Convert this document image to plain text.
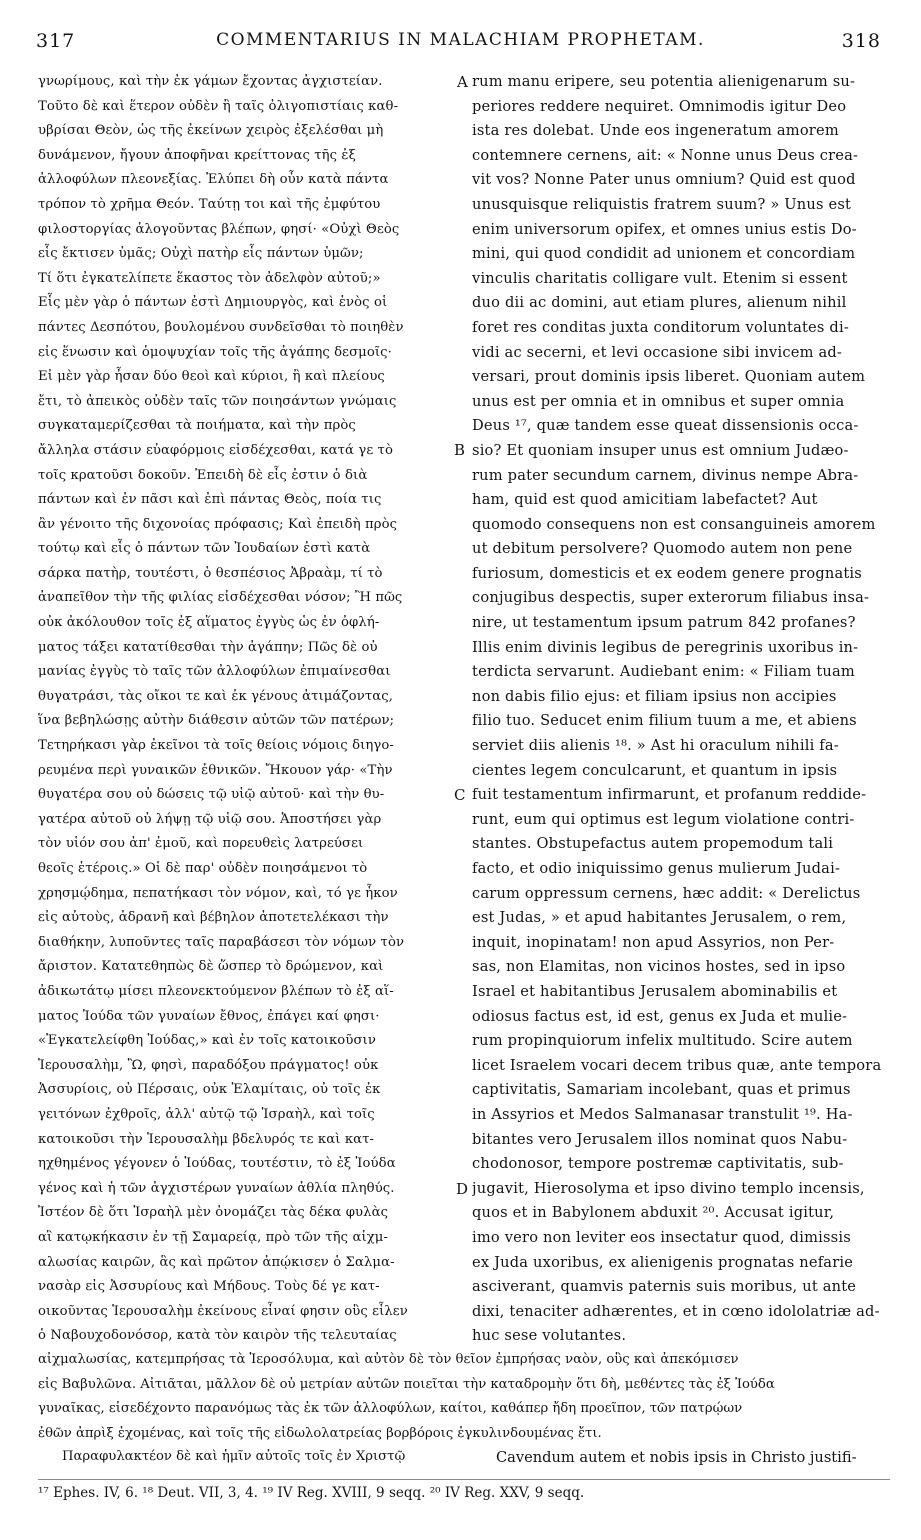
317	COMMENTARIUS IN MALACHIAM PROPHETAM.	318
γνωρίμους, καὶ τὴν ἐκ γάμων ἔχοντας ἀγχιστείαν.
Τοῦτο δὲ καὶ ἕτερον οὐδὲν ἢ ταῖς ὀλιγοπιστίαις καθ-
υβρίσαι Θεὸν, ὡς τῆς ἐκείνων χειρὸς ἐξελέσθαι μὴ
δυνάμενον, ἤγουν ἀποφῆναι κρείττονας τῆς ἐξ
ἀλλοφύλων πλεονεξίας. Ἐλύπει δὴ οὖν κατὰ πάντα
τρόπον τὸ χρῆμα Θεόν. Ταύτῃ τοι καὶ τῆς ἐμφύτου
φιλοστοργίας ἀλογοῦντας βλέπων, φησί· «Οὐχὶ Θεὸς
εἷς ἔκτισεν ὑμᾶς; Οὐχὶ πατὴρ εἷς πάντων ὑμῶν;
Τί ὅτι ἐγκατελίπετε ἕκαστος τὸν ἀδελφὸν αὐτοῦ;»
Εἷς μὲν γὰρ ὁ πάντων ἐστὶ Δημιουργὸς, καὶ ἑνὸς οἱ
πάντες Δεσπότου, βουλομένου συνδεῖσθαι τὸ ποιηθὲν
εἰς ἕνωσιν καὶ ὁμοψυχίαν τοῖς τῆς ἀγάπης δεσμοῖς·
Εἰ μὲν γὰρ ἦσαν δύο θεοὶ καὶ κύριοι, ἢ καὶ πλείους
ἔτι, τὸ ἀπεικὸς οὐδὲν ταῖς τῶν ποιησάντων γνώμαις
συγκαταμερίζεσθαι τὰ ποιήματα, καὶ τὴν πρὸς
ἄλληλα στάσιν εὐαφόρμοις εἰσδέχεσθαι, κατά γε τὸ
τοῖς κρατοῦσι δοκοῦν. Ἐπειδὴ δὲ εἷς ἐστιν ὁ διὰ
πάντων καὶ ἐν πᾶσι καὶ ἐπὶ πάντας Θεὸς, ποία τις
ἂν γένοιτο τῆς διχονοίας πρόφασις; Καὶ ἐπειδὴ πρὸς
τούτῳ καὶ εἷς ὁ πάντων τῶν Ἰουδαίων ἐστὶ κατὰ
σάρκα πατὴρ, τουτέστι, ὁ θεσπέσιος Ἀβραὰμ, τί τὸ
ἀναπεῖθον τὴν τῆς φιλίας εἰσδέχεσθαι νόσον; Ἢ πῶς
οὐκ ἀκόλουθον τοῖς ἐξ αἵματος ἐγγὺς ὡς ἐν ὀφλή-
ματος τάξει κατατίθεσθαι τὴν ἀγάπην; Πῶς δὲ οὐ
μανίας ἐγγὺς τὸ ταῖς τῶν ἀλλοφύλων ἐπιμαίνεσθαι
θυγατράσι, τὰς οἴκοι τε καὶ ἐκ γένους ἀτιμάζοντας,
ἵνα βεβηλώσῃς αὐτὴν διάθεσιν αὐτῶν τῶν πατέρων;
Τετηρήκασι γὰρ ἐκεῖνοι τὰ τοῖς θείοις νόμοις διηγο-
ρευμένα περὶ γυναικῶν ἐθνικῶν. Ἤκουον γάρ· «Τὴν
θυγατέρα σου οὐ δώσεις τῷ υἱῷ αὐτοῦ· καὶ τὴν θυ-
γατέρα αὐτοῦ οὐ λήψῃ τῷ υἱῷ σου. Ἀποστήσει γὰρ
τὸν υἱόν σου ἀπ' ἐμοῦ, καὶ πορευθεὶς λατρεύσει
θεοῖς ἑτέροις.» Οἱ δὲ παρ' οὐδὲν ποιησάμενοι τὸ
χρησμῴδημα, πεπατήκασι τὸν νόμον, καὶ, τό γε ἧκον
εἰς αὐτοὺς, ἀδρανῆ καὶ βέβηλον ἀποτετελέκασι τὴν
διαθήκην, λυποῦντες ταῖς παραβάσεσι τὸν νόμων τὸν
ἄριστον. Κατατεθηπὼς δὲ ὥσπερ τὸ δρώμενον, καὶ
ἀδικωτάτῳ μίσει πλεονεκτούμενον βλέπων τὸ ἐξ αἵ-
ματος Ἰούδα τῶν γυναίων ἔθνος, ἐπάγει καί φησι·
«Ἐγκατελείφθη Ἰούδας,» καὶ ἐν τοῖς κατοικοῦσιν
Ἱερουσαλὴμ, Ὢ, φησὶ, παραδόξου πράγματος! οὐκ
Ἀσσυρίοις, οὐ Πέρσαις, οὐκ Ἐλαμίταις, οὐ τοῖς ἐκ
γειτόνων ἐχθροῖς, ἀλλ' αὐτῷ τῷ Ἰσραὴλ, καὶ τοῖς
κατοικοῦσι τὴν Ἱερουσαλὴμ βδελυρός τε καὶ κατ-
ηχθημένος γέγονεν ὁ Ἰούδας, τουτέστιν, τὸ ἐξ Ἰούδα
γένος καὶ ἡ τῶν ἀγχιστέρων γυναίων ἀθλία πληθύς.
Ἰστέον δὲ ὅτι Ἰσραὴλ μὲν ὀνομάζει τὰς δέκα φυλὰς
αἳ κατῳκήκασιν ἐν τῇ Σαμαρείᾳ, πρὸ τῶν τῆς αἰχμ-
αλωσίας καιρῶν, ἃς καὶ πρῶτον ἀπῴκισεν ὁ Σαλμα-
νασὰρ εἰς Ἀσσυρίους καὶ Μήδους. Τοὺς δέ γε κατ-
οικοῦντας Ἱερουσαλὴμ ἐκείνους εἶναί φησιν οὓς εἷλεν
ὁ Ναβουχοδονόσορ, κατὰ τὸν καιρὸν τῆς τελευταίας
rum manu eripere, seu potentia alienigenarum su-
periores reddere nequiret. Omnimodis igitur Deo
ista res dolebat. Unde eos ingeneratum amorem
contemnere cernens, ait: « Nonne unus Deus crea-
vit vos? Nonne Pater unus omnium? Quid est quod
unusquisque reliquistis fratrem suum? » Unus est
enim universorum opifex, et omnes unius estis Do-
mini, qui quod condidit ad unionem et concordiam
vinculis charitatis colligare vult. Etenim si essent
duo dii ac domini, aut etiam plures, alienum nihil
foret res conditas juxta conditorum voluntates di-
vidi ac secerni, et levi occasione sibi invicem ad-
versari, prout dominis ipsis liberet. Quoniam autem
unus est per omnia et in omnibus et super omnia
Deus ¹⁷, quæ tandem esse queat dissensionis occa-
sio? Et quoniam insuper unus est omnium Judæo-
rum pater secundum carnem, divinus nempe Abra-
ham, quid est quod amicitiam labefactet? Aut
quomodo consequens non est consanguineis amorem
ut debitum persolvere? Quomodo autem non pene
furiosum, domesticis et ex eodem genere prognatis
conjugibus despectis, super exterorum filiabus insa-
nire, ut testamentum ipsum patrum 842 profanes?
Illis enim divinis legibus de peregrinis uxoribus in-
terdicta servarunt. Audiebant enim: « Filiam tuam
non dabis filio ejus: et filiam ipsius non accipies
filio tuo. Seducet enim filium tuum a me, et abiens
serviet diis alienis ¹⁸. » Ast hi oraculum nihili fa-
cientes legem conculcarunt, et quantum in ipsis
fuit testamentum infirmarunt, et profanum reddide-
runt, eum qui optimus est legum violatione contri-
stantes. Obstupefactus autem propemodum tali
facto, et odio iniquissimo genus mulierum Judai-
carum oppressum cernens, hæc addit: « Derelictus
est Judas, » et apud habitantes Jerusalem, o rem,
inquit, inopinatam! non apud Assyrios, non Per-
sas, non Elamitas, non vicinos hostes, sed in ipso
Israel et habitantibus Jerusalem abominabilis et
odiosus factus est, id est, genus ex Juda et mulie-
rum propinquiorum infelix multitudo. Scire autem
licet Israelem vocari decem tribus quæ, ante tempora
captivitatis, Samariam incolebant, quas et primus
in Assyrios et Medos Salmanasar transtulit ¹⁹. Ha-
bitantes vero Jerusalem illos nominat quos Nabu-
chodonosor, tempore postremæ captivitatis, sub-
jugavit, Hierosolyma et ipso divino templo incensis,
quos et in Babylonem abduxit ²⁰. Accusat igitur,
imo vero non leviter eos insectatur quod, dimissis
ex Juda uxoribus, ex alienigenis prognatas nefarie
asciverant, quamvis paternis suis moribus, ut ante
dixi, tenaciter adhærentes, et in cœno idololatriæ ad-
huc sese volutantes.
A
B
C
D
αἰχμαλωσίας, κατεμπρήσας τὰ Ἱεροσόλυμα, καὶ αὐτὸν δὲ τὸν θεῖον ἐμπρήσας ναὸν, οὓς καὶ ἀπεκόμισεν
εἰς Βαβυλῶνα. Αἰτιᾶται, μᾶλλον δὲ οὐ μετρίαν αὐτῶν ποιεῖται τὴν καταδρομὴν ὅτι δὴ, μεθέντες τὰς ἐξ Ἰούδα
γυναῖκας, εἰσεδέχοντο παρανόμως τὰς ἐκ τῶν ἀλλοφύλων, καίτοι, καθάπερ ἤδη προεῖπον, τῶν πατρῴων
ἐθῶν ἀπρὶξ ἐχομένας, καὶ τοῖς τῆς εἰδωλολατρείας βορβόροις ἐγκυλινδουμένας ἔτι.
Παραφυλακτέον δὲ καὶ ἡμῖν αὐτοῖς τοῖς ἐν Χριστῷ	Cavendum autem et nobis ipsis in Christo justifi-
¹⁷ Ephes. IV, 6. ¹⁸ Deut. VII, 3, 4. ¹⁹ IV Reg. XVIII, 9 seqq. ²⁰ IV Reg. XXV, 9 seqq.
